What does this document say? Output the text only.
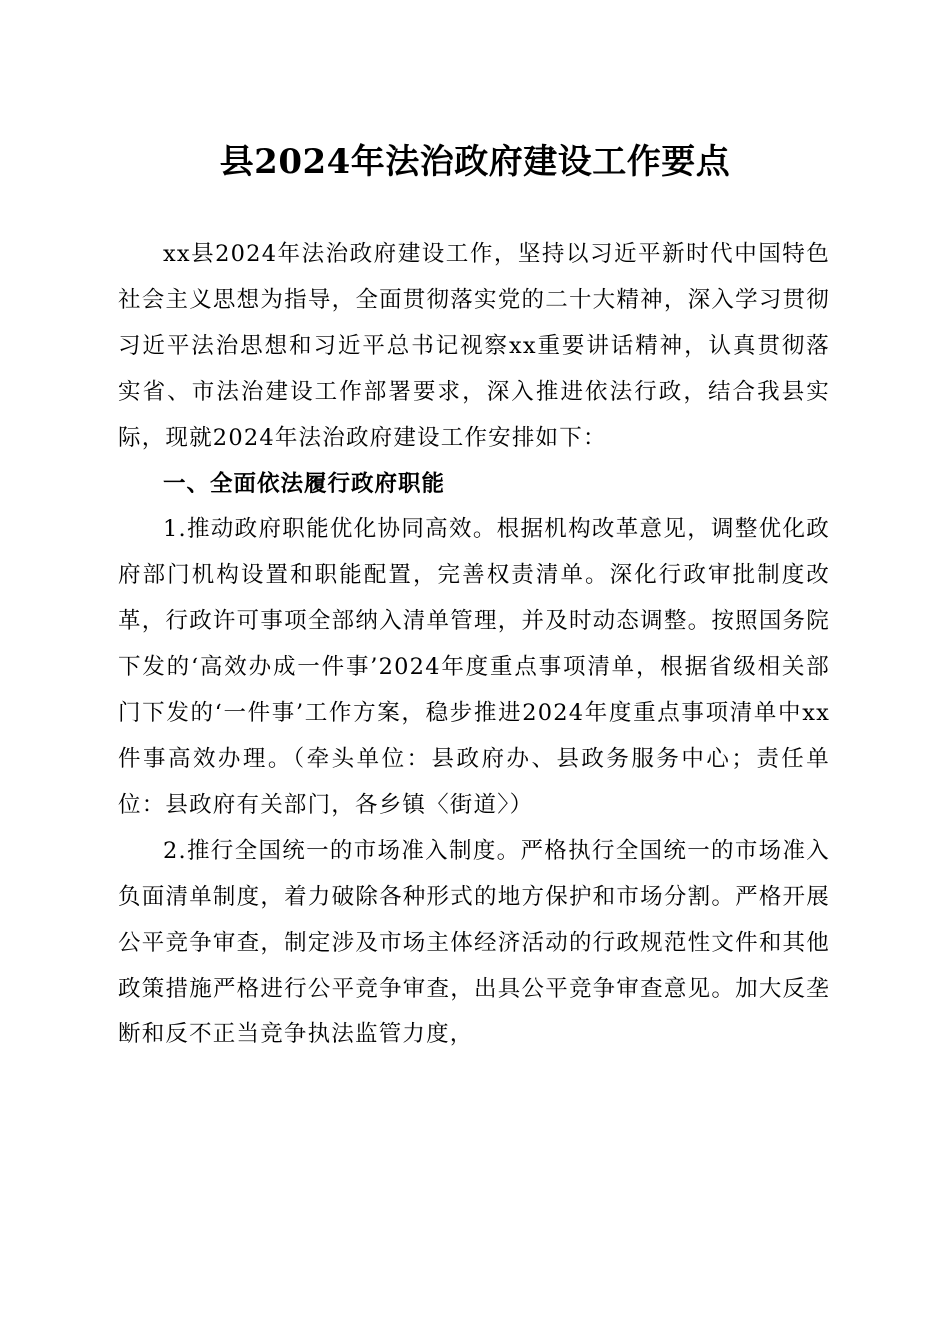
县2024年法治政府建设工作要点

xx县2024年法治政府建设工作，坚持以习近平新时代中国特色社会主义思想为指导，全面贯彻落实党的二十大精神，深入学习贯彻习近平法治思想和习近平总书记视察xx重要讲话精神，认真贯彻落实省、市法治建设工作部署要求，深入推进依法行政，结合我县实际，现就2024年法治政府建设工作安排如下：

一、全面依法履行政府职能

1.推动政府职能优化协同高效。根据机构改革意见，调整优化政府部门机构设置和职能配置，完善权责清单。深化行政审批制度改革，行政许可事项全部纳入清单管理，并及时动态调整。按照国务院下发的‘高效办成一件事’2024年度重点事项清单，根据省级相关部门下发的‘一件事’工作方案，稳步推进2024年度重点事项清单中xx件事高效办理。（牵头单位：县政府办、县政务服务中心；责任单位：县政府有关部门，各乡镇〈街道〉）

2.推行全国统一的市场准入制度。严格执行全国统一的市场准入负面清单制度，着力破除各种形式的地方保护和市场分割。严格开展公平竞争审查，制定涉及市场主体经济活动的行政规范性文件和其他政策措施严格进行公平竞争审查，出具公平竞争审查意见。加大反垄断和反不正当竞争执法监管力度，
